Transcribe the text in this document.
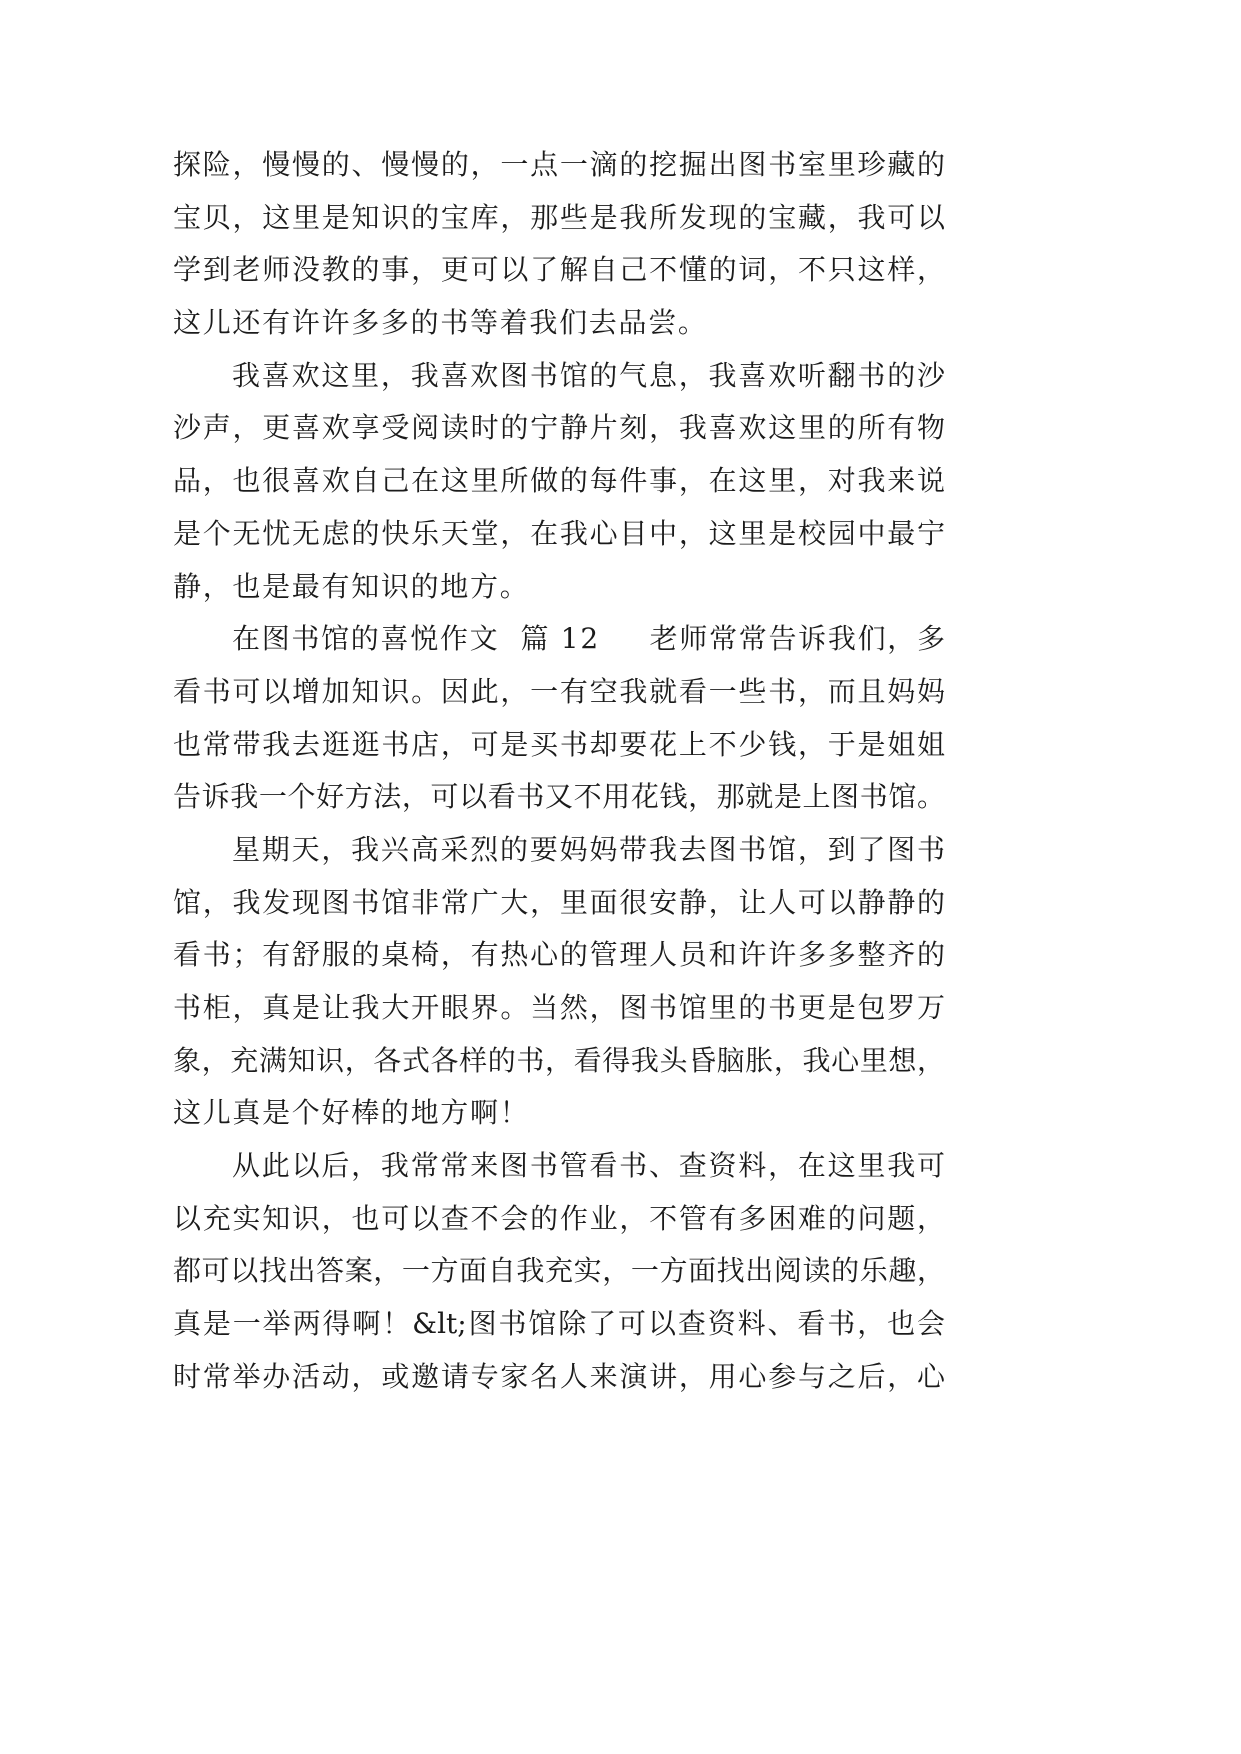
探险，慢慢的、慢慢的，一点一滴的挖掘出图书室里珍藏的
宝贝，这里是知识的宝库，那些是我所发现的宝藏，我可以
学到老师没教的事，更可以了解自己不懂的词，不只这样，
这儿还有许许多多的书等着我们去品尝。
我喜欢这里，我喜欢图书馆的气息，我喜欢听翻书的沙
沙声，更喜欢享受阅读时的宁静片刻，我喜欢这里的所有物
品，也很喜欢自己在这里所做的每件事，在这里，对我来说
是个无忧无虑的快乐天堂，在我心目中，这里是校园中最宁
静，也是最有知识的地方。
在图书馆的喜悦作文  篇 12 老师常常告诉我们，多
看书可以增加知识。因此，一有空我就看一些书，而且妈妈
也常带我去逛逛书店，可是买书却要花上不少钱，于是姐姐
告诉我一个好方法，可以看书又不用花钱，那就是上图书馆。
星期天，我兴高采烈的要妈妈带我去图书馆，到了图书
馆，我发现图书馆非常广大，里面很安静，让人可以静静的
看书；有舒服的桌椅，有热心的管理人员和许许多多整齐的
书柜，真是让我大开眼界。当然，图书馆里的书更是包罗万
象，充满知识，各式各样的书，看得我头昏脑胀，我心里想，
这儿真是个好棒的地方啊！
从此以后，我常常来图书管看书、查资料，在这里我可
以充实知识，也可以查不会的作业，不管有多困难的问题，
都可以找出答案，一方面自我充实，一方面找出阅读的乐趣，
真是一举两得啊！&lt;图书馆除了可以查资料、看书，也会
时常举办活动，或邀请专家名人来演讲，用心参与之后，心
